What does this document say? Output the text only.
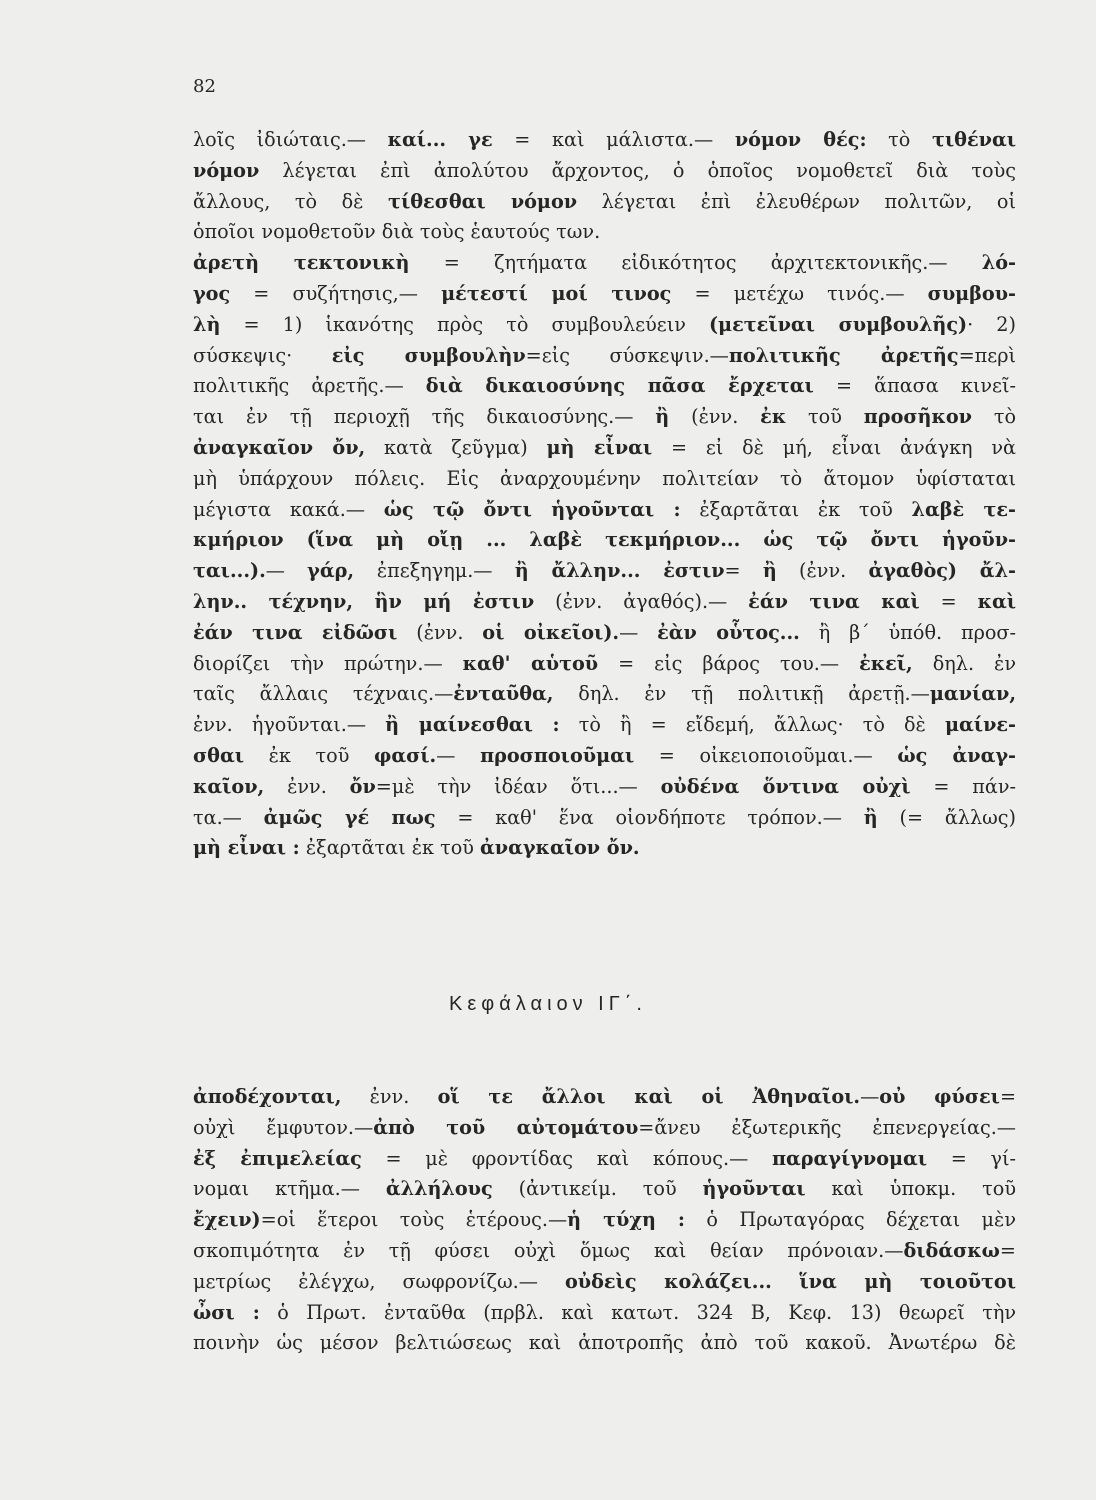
82
λοῖς ἰδιώταις.— καί... γε = καὶ μάλιστα.— νόμον θές: τὸ τιθέναι
νόμον λέγεται ἐπὶ ἀπολύτου ἄρχοντος, ὁ ὁποῖος νομοθετεῖ διὰ τοὺς
ἄλλους, τὸ δὲ τίθεσθαι νόμον λέγεται ἐπὶ ἐλευθέρων πολιτῶν, οἱ
ὁποῖοι νομοθετοῦν διὰ τοὺς ἑαυτούς των.
ἀρετὴ τεκτονικὴ = ζητήματα εἰδικότητος ἀρχιτεκτονικῆς.— λό-
γος = συζήτησις,— μέτεστί μοί τινος = μετέχω τινός.— συμβου-
λὴ = 1) ἱκανότης πρὸς τὸ συμβουλεύειν (μετεῖναι συμβουλῆς)· 2)
σύσκεψις· εἰς συμβουλὴν=εἰς σύσκεψιν.—πολιτικῆς ἀρετῆς=περὶ
πολιτικῆς ἀρετῆς.— διὰ δικαιοσύνης πᾶσα ἔρχεται = ἅπασα κινεῖ-
ται ἐν τῇ περιοχῇ τῆς δικαιοσύνης.— ἢ (ἐνν. ἐκ τοῦ προσῆκον τὸ
ἀναγκαῖον ὄν, κατὰ ζεῦγμα) μὴ εἶναι = εἰ δὲ μή, εἶναι ἀνάγκη νὰ
μὴ ὑπάρχουν πόλεις. Εἰς ἀναρχουμένην πολιτείαν τὸ ἄτομον ὑφίσταται
μέγιστα κακά.— ὡς τῷ ὄντι ἡγοῦνται : ἐξαρτᾶται ἐκ τοῦ λαβὲ τε-
κμήριον (ἵνα μὴ οἴῃ ... λαβὲ τεκμήριον... ὡς τῷ ὄντι ἡγοῦν-
ται...).— γάρ, ἐπεξηγημ.— ἢ ἄλλην... ἐστιν= ἢ (ἐνν. ἀγαθὸς) ἄλ-
λην.. τέχνην, ἣν μή ἐστιν (ἐνν. ἀγαθός).— ἐάν τινα καὶ = καὶ
ἐάν τινα εἰδῶσι (ἐνν. οἱ οἰκεῖοι).— ἐὰν οὗτος... ἢ β΄ ὑπόθ. προσ-
διορίζει τὴν πρώτην.— καθ' αὑτοῦ = εἰς βάρος του.— ἐκεῖ, δηλ. ἐν
ταῖς ἄλλαις τέχναις.—ἐνταῦθα, δηλ. ἐν τῇ πολιτικῇ ἀρετῇ.—μανίαν,
ἐνν. ἡγοῦνται.— ἢ μαίνεσθαι : τὸ ἢ = εἴδεμή, ἄλλως· τὸ δὲ μαίνε-
σθαι ἐκ τοῦ φασί.— προσποιοῦμαι = οἰκειοποιοῦμαι.— ὡς ἀναγ-
καῖον, ἐνν. ὄν=μὲ τὴν ἰδέαν ὅτι...— οὐδένα ὅντινα οὐχὶ = πάν-
τα.— ἀμῶς γέ πως = καθ' ἕνα οἱονδήποτε τρόπον.— ἢ (= ἄλλως)
μὴ εἶναι : ἐξαρτᾶται ἐκ τοῦ ἀναγκαῖον ὄν.
Κεφάλαιον ΙΓ΄.
ἀποδέχονται, ἐνν. οἵ τε ἄλλοι καὶ οἱ Ἀθηναῖοι.—οὐ φύσει=
οὐχὶ ἔμφυτον.—ἀπὸ τοῦ αὐτομάτου=ἄνευ ἐξωτερικῆς ἐπενεργείας.—
ἐξ ἐπιμελείας = μὲ φροντίδας καὶ κόπους.— παραγίγνομαι = γί-
νομαι κτῆμα.— ἀλλήλους (ἀντικείμ. τοῦ ἡγοῦνται καὶ ὑποκμ. τοῦ
ἔχειν)=οἱ ἕτεροι τοὺς ἑτέρους.—ἡ τύχη : ὁ Πρωταγόρας δέχεται μὲν
σκοπιμότητα ἐν τῇ φύσει οὐχὶ ὅμως καὶ θείαν πρόνοιαν.—διδάσκω=
μετρίως ἐλέγχω, σωφρονίζω.— οὐδεὶς κολάζει... ἵνα μὴ τοιοῦτοι
ὦσι : ὁ Πρωτ. ἐνταῦθα (πρβλ. καὶ κατωτ. 324 Β, Κεφ. 13) θεωρεῖ τὴν
ποινὴν ὡς μέσον βελτιώσεως καὶ ἀποτροπῆς ἀπὸ τοῦ κακοῦ. Ἀνωτέρω δὲ
